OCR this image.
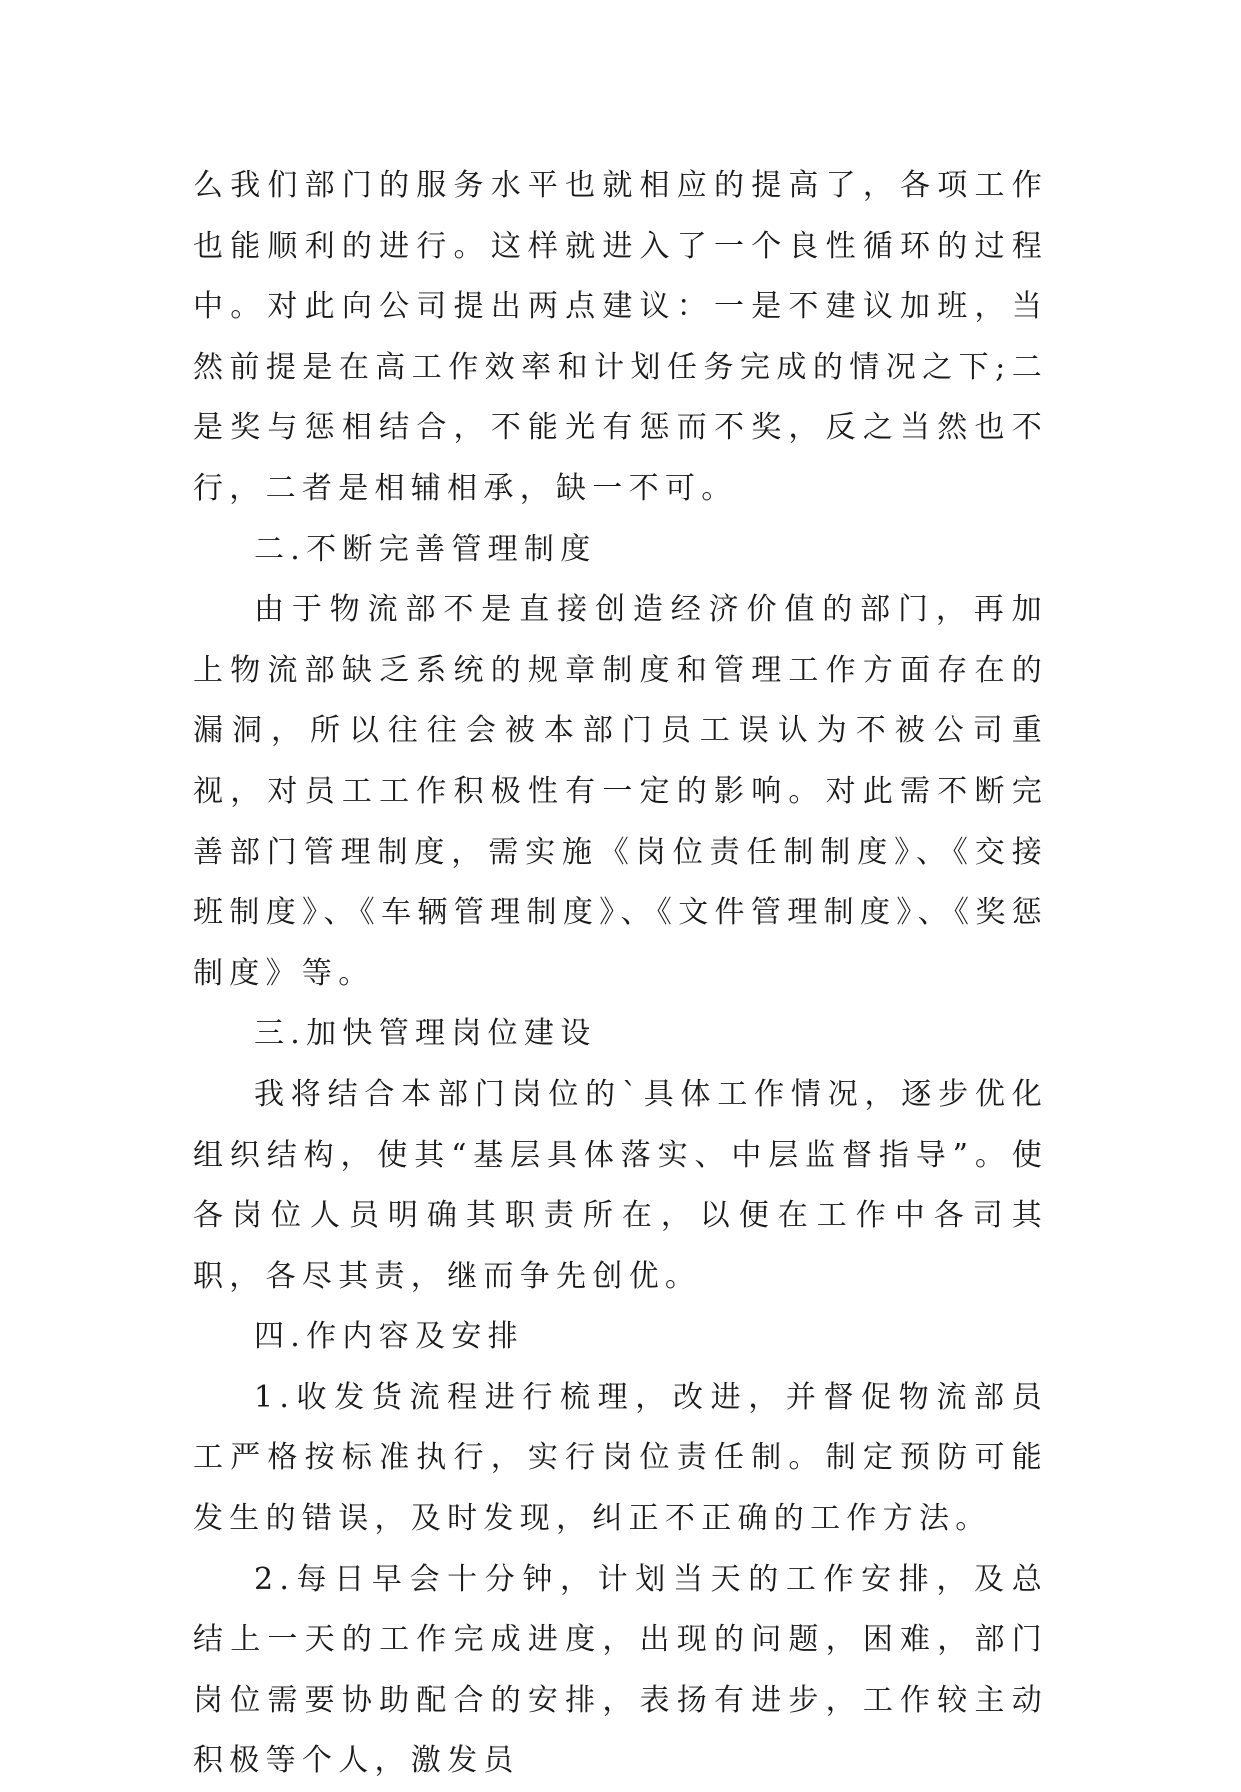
么我们部门的服务水平也就相应的提高了，各项工作也能顺利的进行。这样就进入了一个良性循环的过程中。对此向公司提出两点建议：一是不建议加班，当然前提是在高工作效率和计划任务完成的情况之下;二是奖与惩相结合，不能光有惩而不奖，反之当然也不行，二者是相辅相承，缺一不可。

二.不断完善管理制度

由于物流部不是直接创造经济价值的部门，再加上物流部缺乏系统的规章制度和管理工作方面存在的漏洞，所以往往会被本部门员工误认为不被公司重视，对员工工作积极性有一定的影响。对此需不断完善部门管理制度，需实施《岗位责任制制度》、《交接班制度》、《车辆管理制度》、《文件管理制度》、《奖惩制度》等。

三.加快管理岗位建设

我将结合本部门岗位的`具体工作情况，逐步优化组织结构，使其“基层具体落实、中层监督指导”。使各岗位人员明确其职责所在，以便在工作中各司其职，各尽其责，继而争先创优。

四.作内容及安排

1.收发货流程进行梳理，改进，并督促物流部员工严格按标准执行，实行岗位责任制。制定预防可能发生的错误，及时发现，纠正不正确的工作方法。

2.每日早会十分钟，计划当天的工作安排，及总结上一天的工作完成进度，出现的问题，困难，部门岗位需要协助配合的安排，表扬有进步，工作较主动积极等个人，激发员
